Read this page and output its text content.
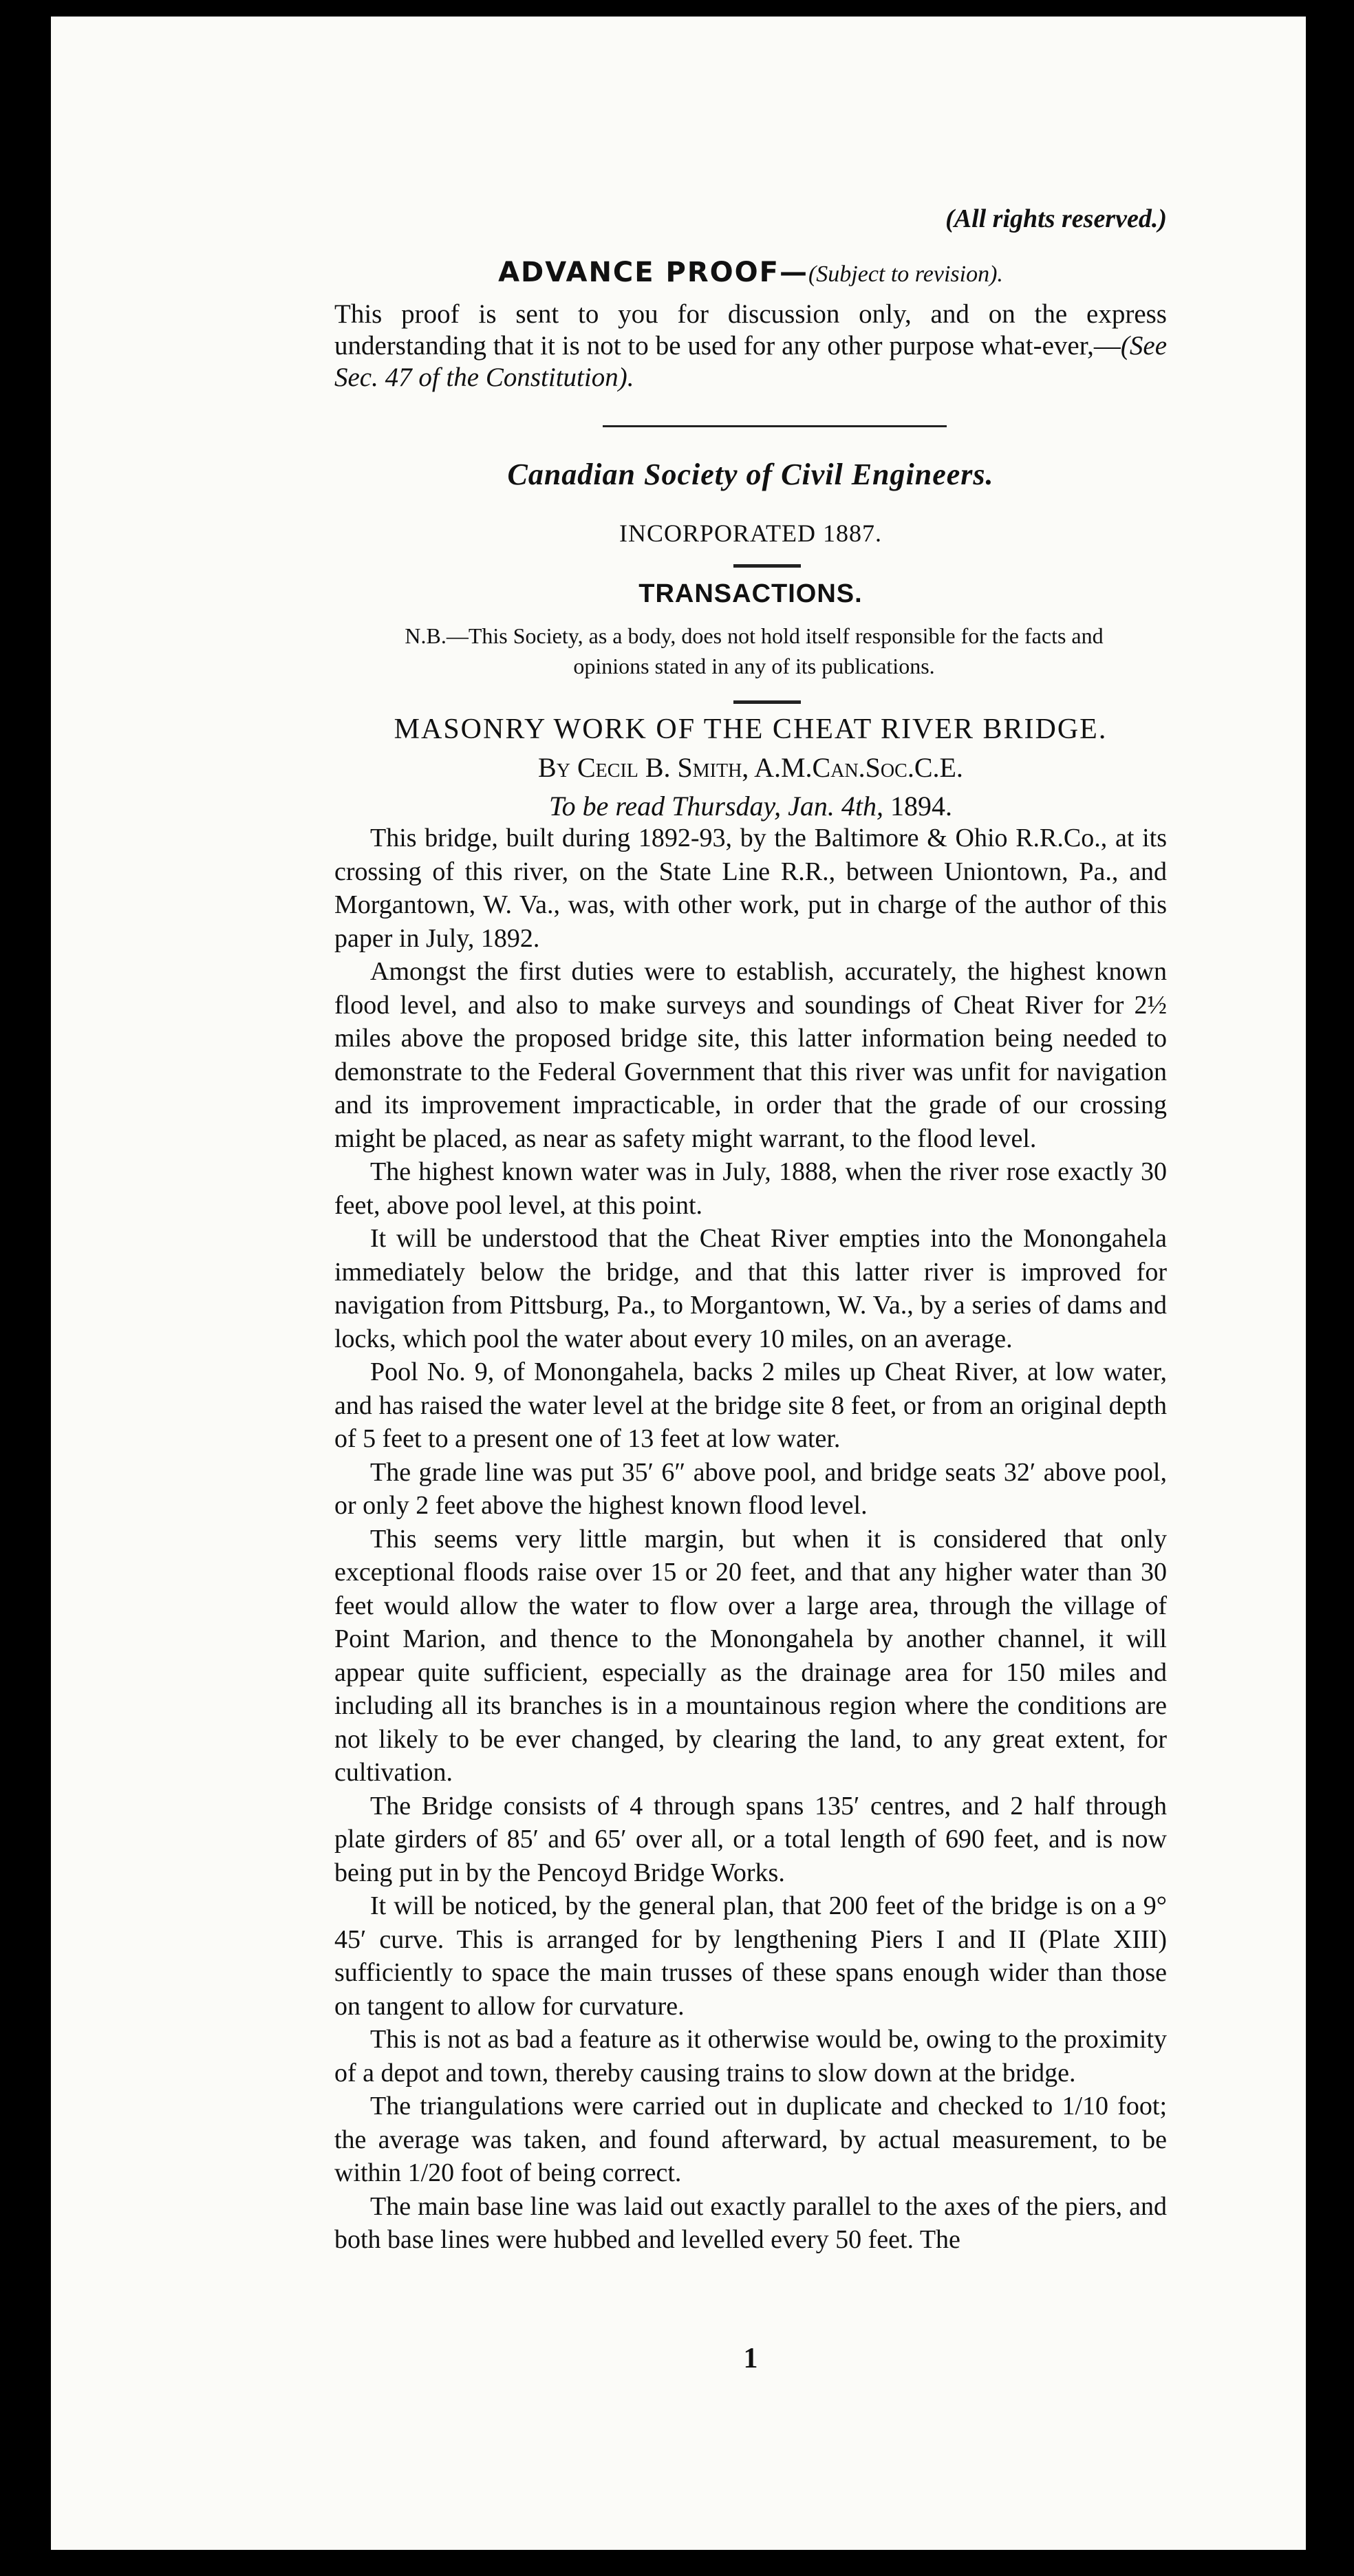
(All rights reserved.)
ADVANCE PROOF—(Subject to revision).
This proof is sent to you for discussion only, and on the express understanding that it is not to be used for any other purpose what-ever,—(See Sec. 47 of the Constitution).
Canadian Society of Civil Engineers.
INCORPORATED 1887.
TRANSACTIONS.
N.B.—This Society, as a body, does not hold itself responsible for the facts and opinions stated in any of its publications.
MASONRY WORK OF THE CHEAT RIVER BRIDGE.
By Cecil B. Smith, A.M.Can.Soc.C.E.
To be read Thursday, Jan. 4th, 1894.

This bridge, built during 1892-93, by the Baltimore & Ohio R.R.Co., at its crossing of this river, on the State Line R.R., between Uniontown, Pa., and Morgantown, W. Va., was, with other work, put in charge of the author of this paper in July, 1892.

Amongst the first duties were to establish, accurately, the highest known flood level, and also to make surveys and soundings of Cheat River for 2½ miles above the proposed bridge site, this latter information being needed to demonstrate to the Federal Government that this river was unfit for navigation and its improvement impracticable, in order that the grade of our crossing might be placed, as near as safety might warrant, to the flood level.

The highest known water was in July, 1888, when the river rose exactly 30 feet, above pool level, at this point.

It will be understood that the Cheat River empties into the Monongahela immediately below the bridge, and that this latter river is improved for navigation from Pittsburg, Pa., to Morgantown, W. Va., by a series of dams and locks, which pool the water about every 10 miles, on an average.

Pool No. 9, of Monongahela, backs 2 miles up Cheat River, at low water, and has raised the water level at the bridge site 8 feet, or from an original depth of 5 feet to a present one of 13 feet at low water.

The grade line was put 35′ 6″ above pool, and bridge seats 32′ above pool, or only 2 feet above the highest known flood level.

This seems very little margin, but when it is considered that only exceptional floods raise over 15 or 20 feet, and that any higher water than 30 feet would allow the water to flow over a large area, through the village of Point Marion, and thence to the Monongahela by another channel, it will appear quite sufficient, especially as the drainage area for 150 miles and including all its branches is in a mountainous region where the conditions are not likely to be ever changed, by clearing the land, to any great extent, for cultivation.

The Bridge consists of 4 through spans 135′ centres, and 2 half through plate girders of 85′ and 65′ over all, or a total length of 690 feet, and is now being put in by the Pencoyd Bridge Works.

It will be noticed, by the general plan, that 200 feet of the bridge is on a 9° 45′ curve. This is arranged for by lengthening Piers I and II (Plate XIII) sufficiently to space the main trusses of these spans enough wider than those on tangent to allow for curvature.

This is not as bad a feature as it otherwise would be, owing to the proximity of a depot and town, thereby causing trains to slow down at the bridge.

The triangulations were carried out in duplicate and checked to 1/10 foot; the average was taken, and found afterward, by actual measurement, to be within 1/20 foot of being correct.

The main base line was laid out exactly parallel to the axes of the piers, and both base lines were hubbed and levelled every 50 feet. The

1
